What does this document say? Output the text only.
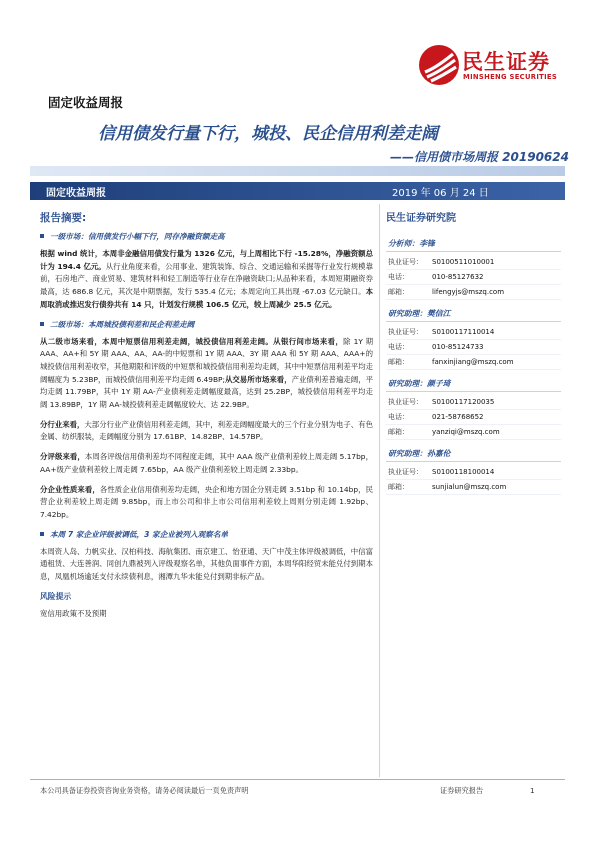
民生证券
MINSHENG SECURITIES
固定收益周报
信用债发行量下行，城投、民企信用利差走阔
——信用债市场周报 20190624
固定收益周报	2019 年 06 月 24 日
报告摘要:
一级市场：信用债发行小幅下行，同存净融资额走高

根据 wind 统计，本周非金融信用债发行量为 1326 亿元，与上周相比下行 -15.28%，净融资额总计为 194.4 亿元。从行业角度来看，公用事业、建筑装饰、综合、交通运输和采掘等行业发行规模靠前，石房地产、商业贸易、建筑材料和轻工制造等行业存在净融资缺口;从品种来看，本周短期融资券最高，达 686.8 亿元，其次是中期票据，发行 535.4 亿元；本周定向工具出现 -67.03 亿元缺口。本周取消或推迟发行债券共有 14 只，计划发行规模 106.5 亿元，较上周减少 25.5 亿元。

二级市场：本周城投债利差和民企利差走阔

从二级市场来看，本周中短票信用利差走阔，城投债信用利差走阔。从银行间市场来看，除 1Y 期 AAA、AA+和 5Y 期 AAA、AA、AA-的中短票和 1Y 期 AAA、3Y 期 AAA 和 5Y 期 AAA、AAA+的城投债信用利差收窄，其他期限和评级的中短票和城投债信用利差均走阔，其中中短票信用利差平均走阔幅度为 5.23BP，而城投债信用利差平均走阔 6.49BP;从交易所市场来看，产业债利差普遍走阔，平均走阔 11.79BP，其中 1Y 期 AA-产业债利差走阔幅度最高，达到 25.2BP，城投债信用利差平均走阔 13.89BP，1Y 期 AA-城投债利差走阔幅度较大、达 22.9BP。

分行业来看，大部分行业产业债信用利差走阔，其中，利差走阔幅度最大的三个行业分别为电子、有色金属、纺织服装，走阔幅度分别为 17.61BP、14.82BP、14.57BP。

分评级来看，本周各评级信用债利差均不同程度走阔，其中 AAA 级产业债利差较上周走阔 5.17bp，AA+级产业债利差较上周走阔 7.65bp，AA 级产业债利差较上周走阔 2.33bp。

分企业性质来看，各性质企业信用债利差均走阔，央企和地方国企分别走阔 3.51bp 和 10.14bp，民营企业利差较上周走阔 9.85bp，而上市公司和非上市公司信用利差较上周则分别走阔 1.92bp、7.42bp。

本周 7 家企业评级被调低，3 家企业被列入观察名单

本周资人岛、力帆实业、汉柏科技、海航集团、南京建工、怡亚通、天广中茂主体评级被调低，中信富通租赁、大连善润、同创九鼎被列入评级观察名单，其他负面事件方面，本周华阳经贸未能兑付到期本息，凤凰机场逾延支付永续债利息，湘潭九华未能兑付到期非标产品。

风险提示

宽信用政策不及预期

民生证券研究院
分析师：李锋
执业证号：	S0100511010001
电话：	010-85127632
邮箱：	lifengyjs@mszq.com
研究助理：樊信江
执业证号：	S0100117110014
电话：	010-85124733
邮箱：	fanxinjiang@mszq.com
研究助理：颜子琦
执业证号：	S0100117120035
电话：	021-58768652
邮箱：	yanziqi@mszq.com
研究助理：孙嘉伦
执业证号：	S0100118100014
邮箱：	sunjialun@mszq.com
本公司具备证券投资咨询业务资格，请务必阅读最后一页免责声明	证券研究报告	1
